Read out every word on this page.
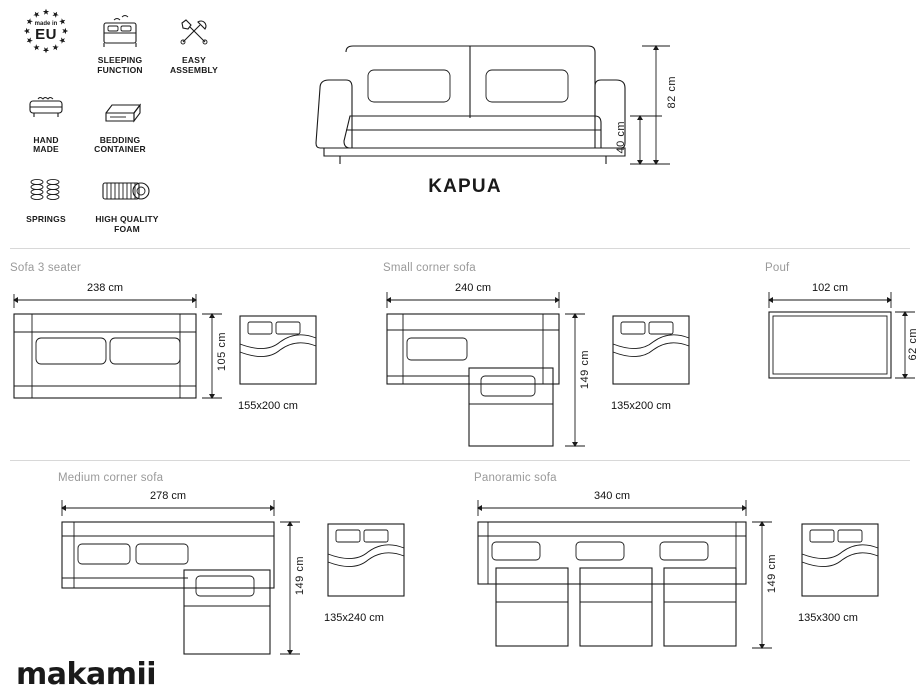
made in
EU
SLEEPING
FUNCTION
EASY
ASSEMBLY
HAND
MADE
BEDDING
CONTAINER
SPRINGS	HIGH QUALITY
FOAM
82 cm
40 cm
KAPUA
Sofa 3 seater
238 cm
105 cm
155x200 cm
Small corner sofa
240 cm
149 cm
135x200 cm
Pouf
102 cm
62 cm
Medium corner sofa
278 cm
149 cm
135x240 cm
Panoramic sofa
340 cm
149 cm
135x300 cm
makamii
